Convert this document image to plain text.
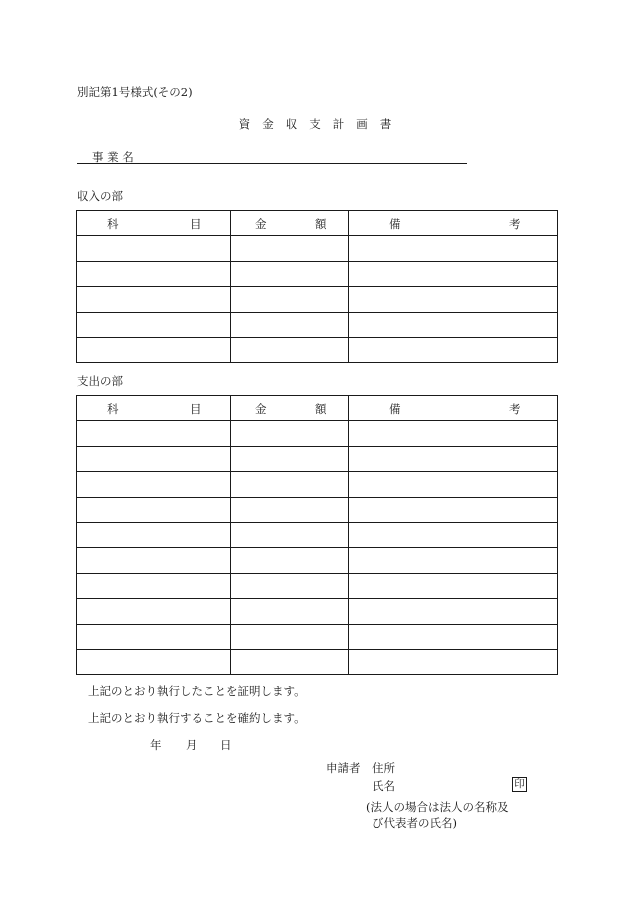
別記第1号様式(その2)
資 金 収 支 計 画 書
事 業 名
収入の部
科 目	金 額	備 考

支出の部
科 目	金 額	備 考

上記のとおり執行したことを証明します。
上記のとおり執行することを確約します。
年 月 日
申請者 住所
氏名	印
(法人の場合は法人の名称及
び代表者の氏名)
